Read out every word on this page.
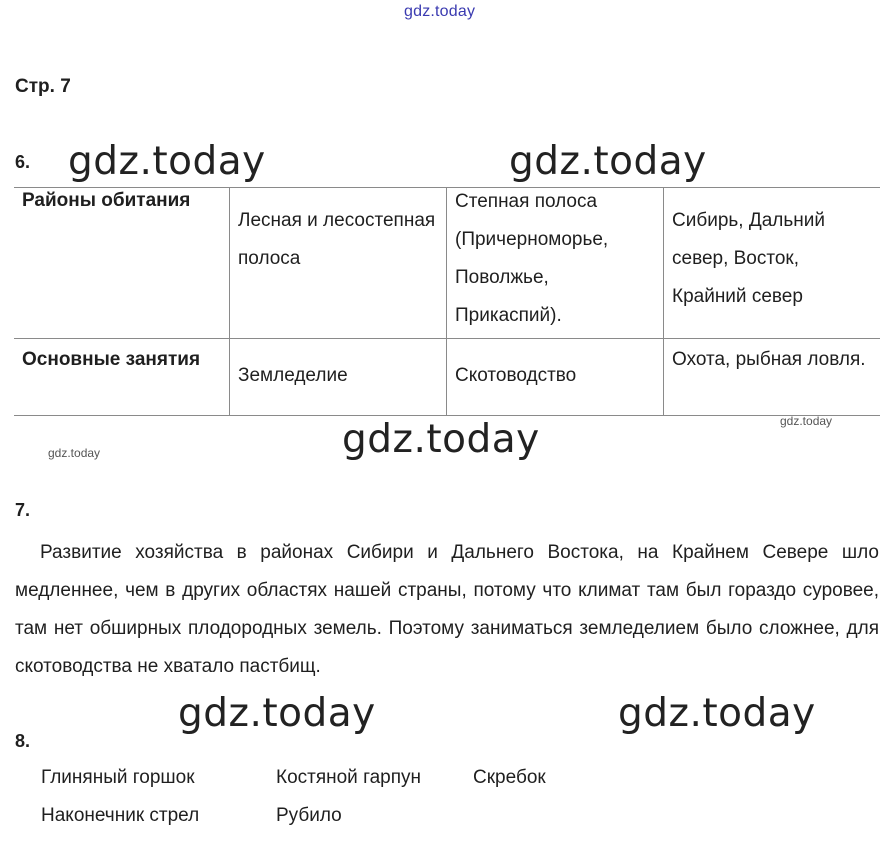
gdz.today
Стр. 7
6. gdz.today	gdz.today
Районы обитания	Лесная и лесостепная полоса	Степная полоса (Причерноморье, Поволжье, Прикаспий).	Сибирь, Дальний север, Восток, Крайний север

Основные занятия	Земледелие	Скотоводство	Охота, рыбная ловля.
gdz.today
gdz.today
gdz.today
7.
Развитие хозяйства в районах Сибири и Дальнего Востока, на Крайнем Севере шло медленнее, чем в других областях нашей страны, потому что климат там был гораздо суровее, там нет обширных плодородных земель. Поэтому заниматься земледелием было сложнее, для скотоводства не хватало пастбищ.
gdz.today	gdz.today
8.
Глиняный горшок	Костяной гарпун	Скребок
Наконечник стрел	Рубило
